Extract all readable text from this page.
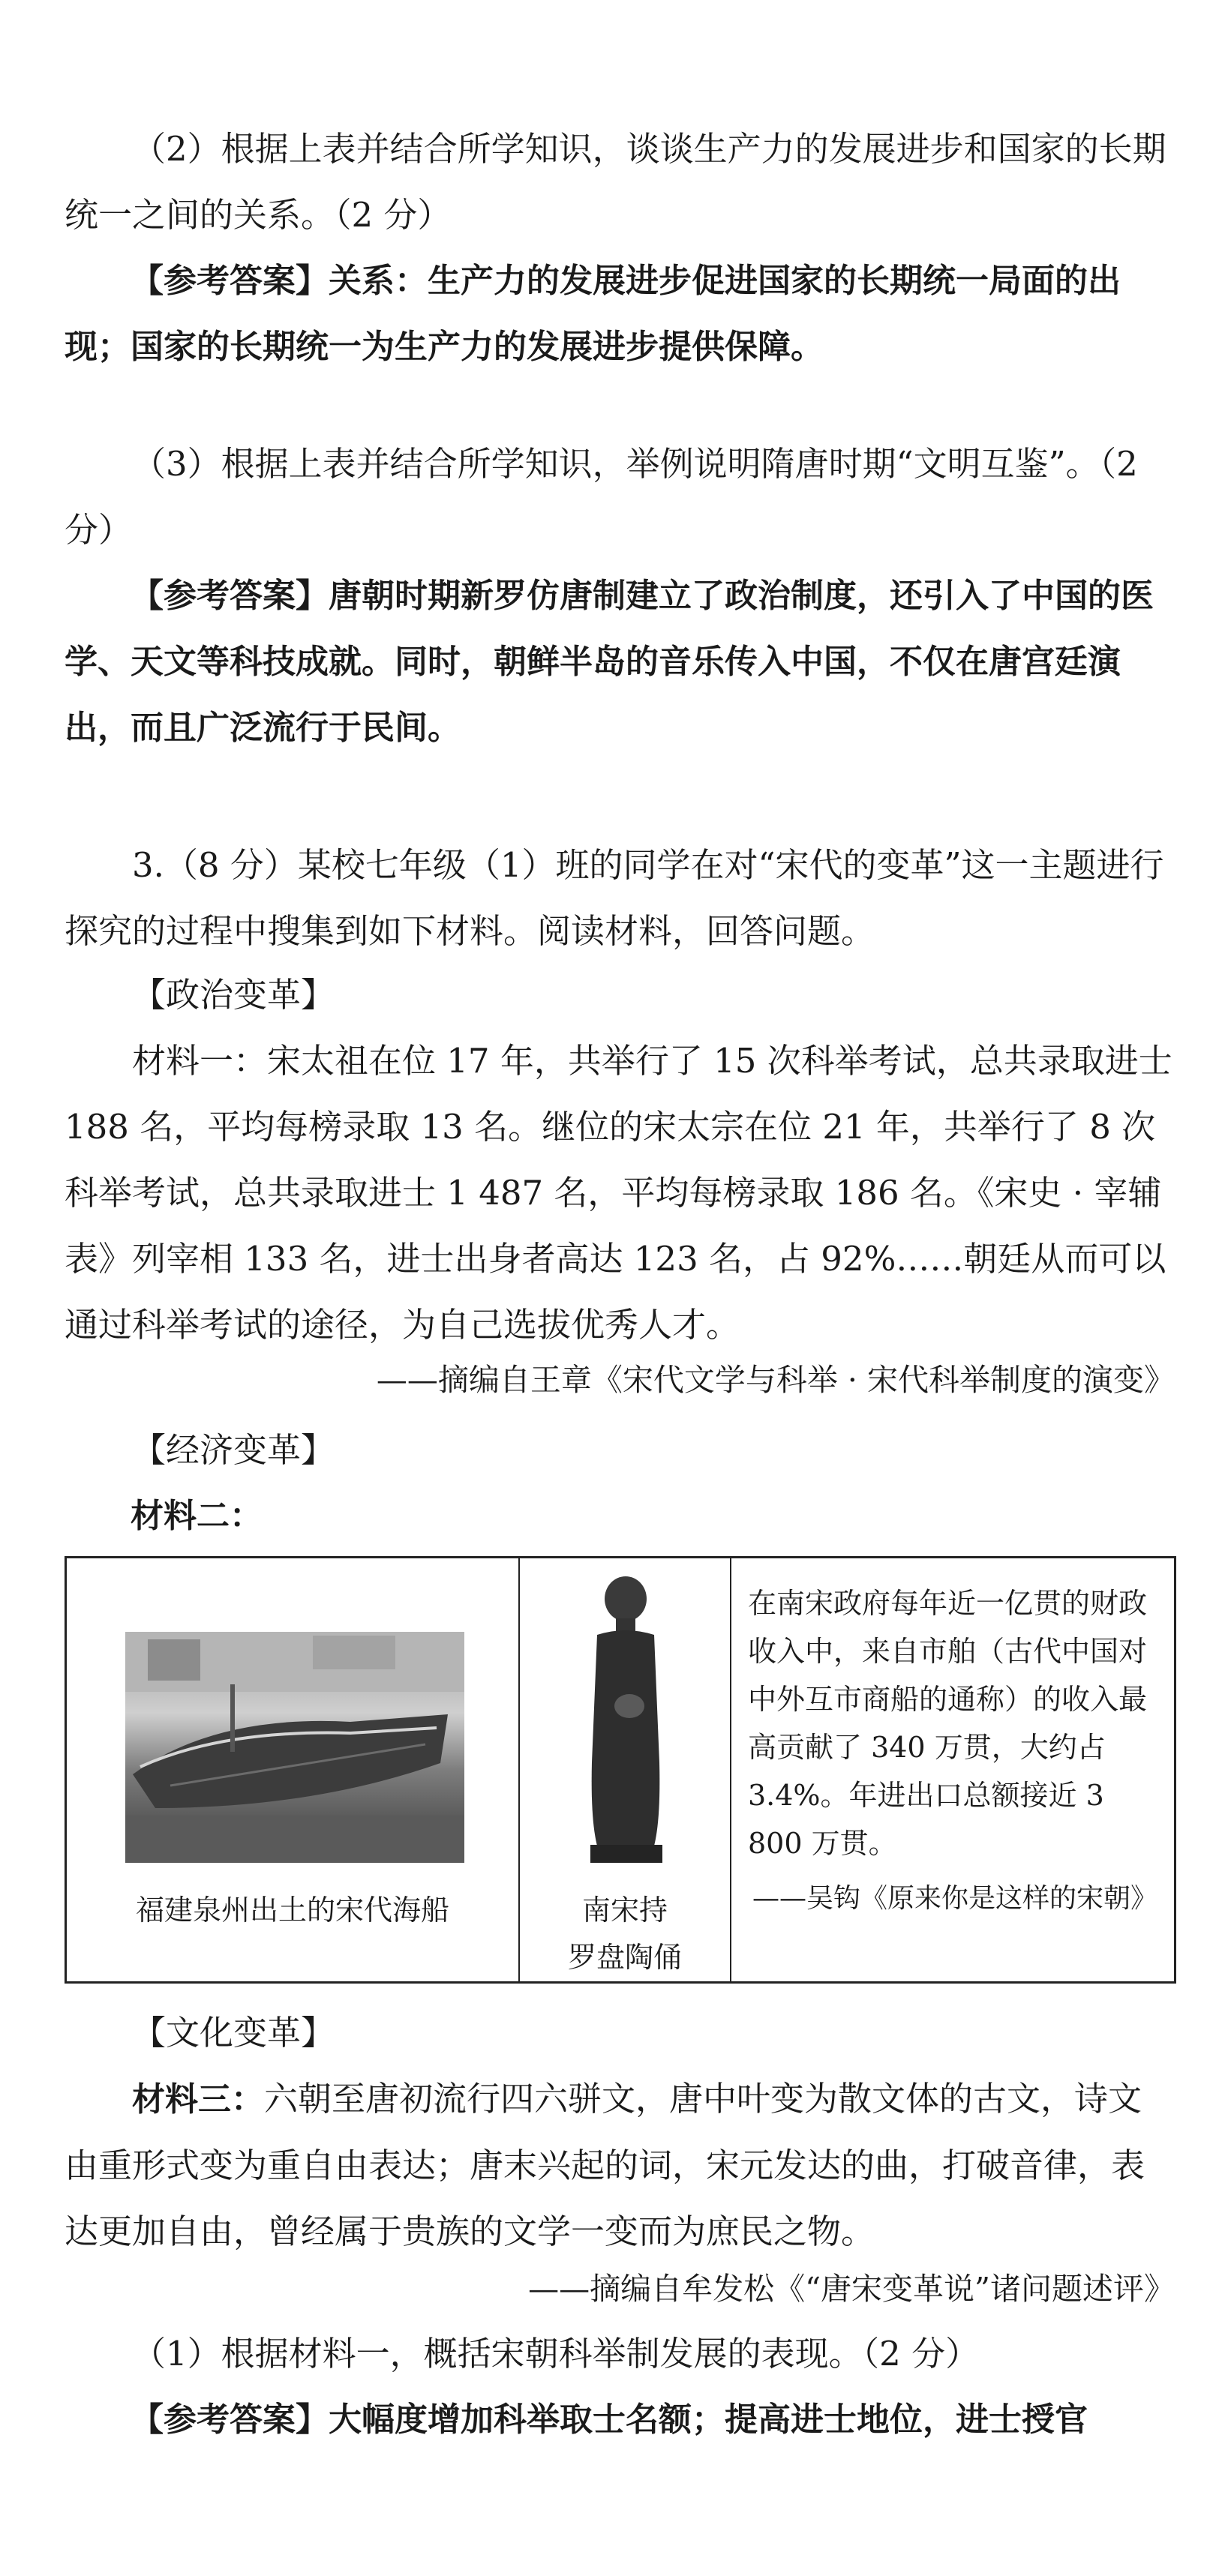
（2）根据上表并结合所学知识，谈谈生产力的发展进步和国家的长期统一之间的关系。（2 分）

【参考答案】关系：生产力的发展进步促进国家的长期统一局面的出现；国家的长期统一为生产力的发展进步提供保障。

（3）根据上表并结合所学知识，举例说明隋唐时期“文明互鉴”。（2 分）

【参考答案】唐朝时期新罗仿唐制建立了政治制度，还引入了中国的医学、天文等科技成就。同时，朝鲜半岛的音乐传入中国，不仅在唐宫廷演出，而且广泛流行于民间。

3.（8 分）某校七年级（1）班的同学在对“宋代的变革”这一主题进行探究的过程中搜集到如下材料。阅读材料，回答问题。

【政治变革】

材料一：宋太祖在位 17 年，共举行了 15 次科举考试，总共录取进士 188 名，平均每榜录取 13 名。继位的宋太宗在位 21 年，共举行了 8 次科举考试，总共录取进士 1 487 名，平均每榜录取 186 名。《宋史 · 宰辅表》列宰相 133 名，进士出身者高达 123 名，占 92%……朝廷从而可以通过科举考试的途径，为自己选拔优秀人才。

——摘编自王章《宋代文学与科举 · 宋代科举制度的演变》

【经济变革】

材料二：

福建泉州出土的宋代海船	南宋持
罗盘陶俑

在南宋政府每年近一亿贯的财政收入中，来自市舶（古代中国对中外互市商船的通称）的收入最高贡献了 340 万贯，大约占 3.4%。年进出口总额接近 3 800 万贯。

——吴钩《原来你是这样的宋朝》

【文化变革】

材料三：六朝至唐初流行四六骈文，唐中叶变为散文体的古文，诗文由重形式变为重自由表达；唐末兴起的词，宋元发达的曲，打破音律，表达更加自由，曾经属于贵族的文学一变而为庶民之物。

——摘编自牟发松《“唐宋变革说”诸问题述评》

（1）根据材料一，概括宋朝科举制发展的表现。（2 分）

【参考答案】大幅度增加科举取士名额；提高进士地位，进士授官
